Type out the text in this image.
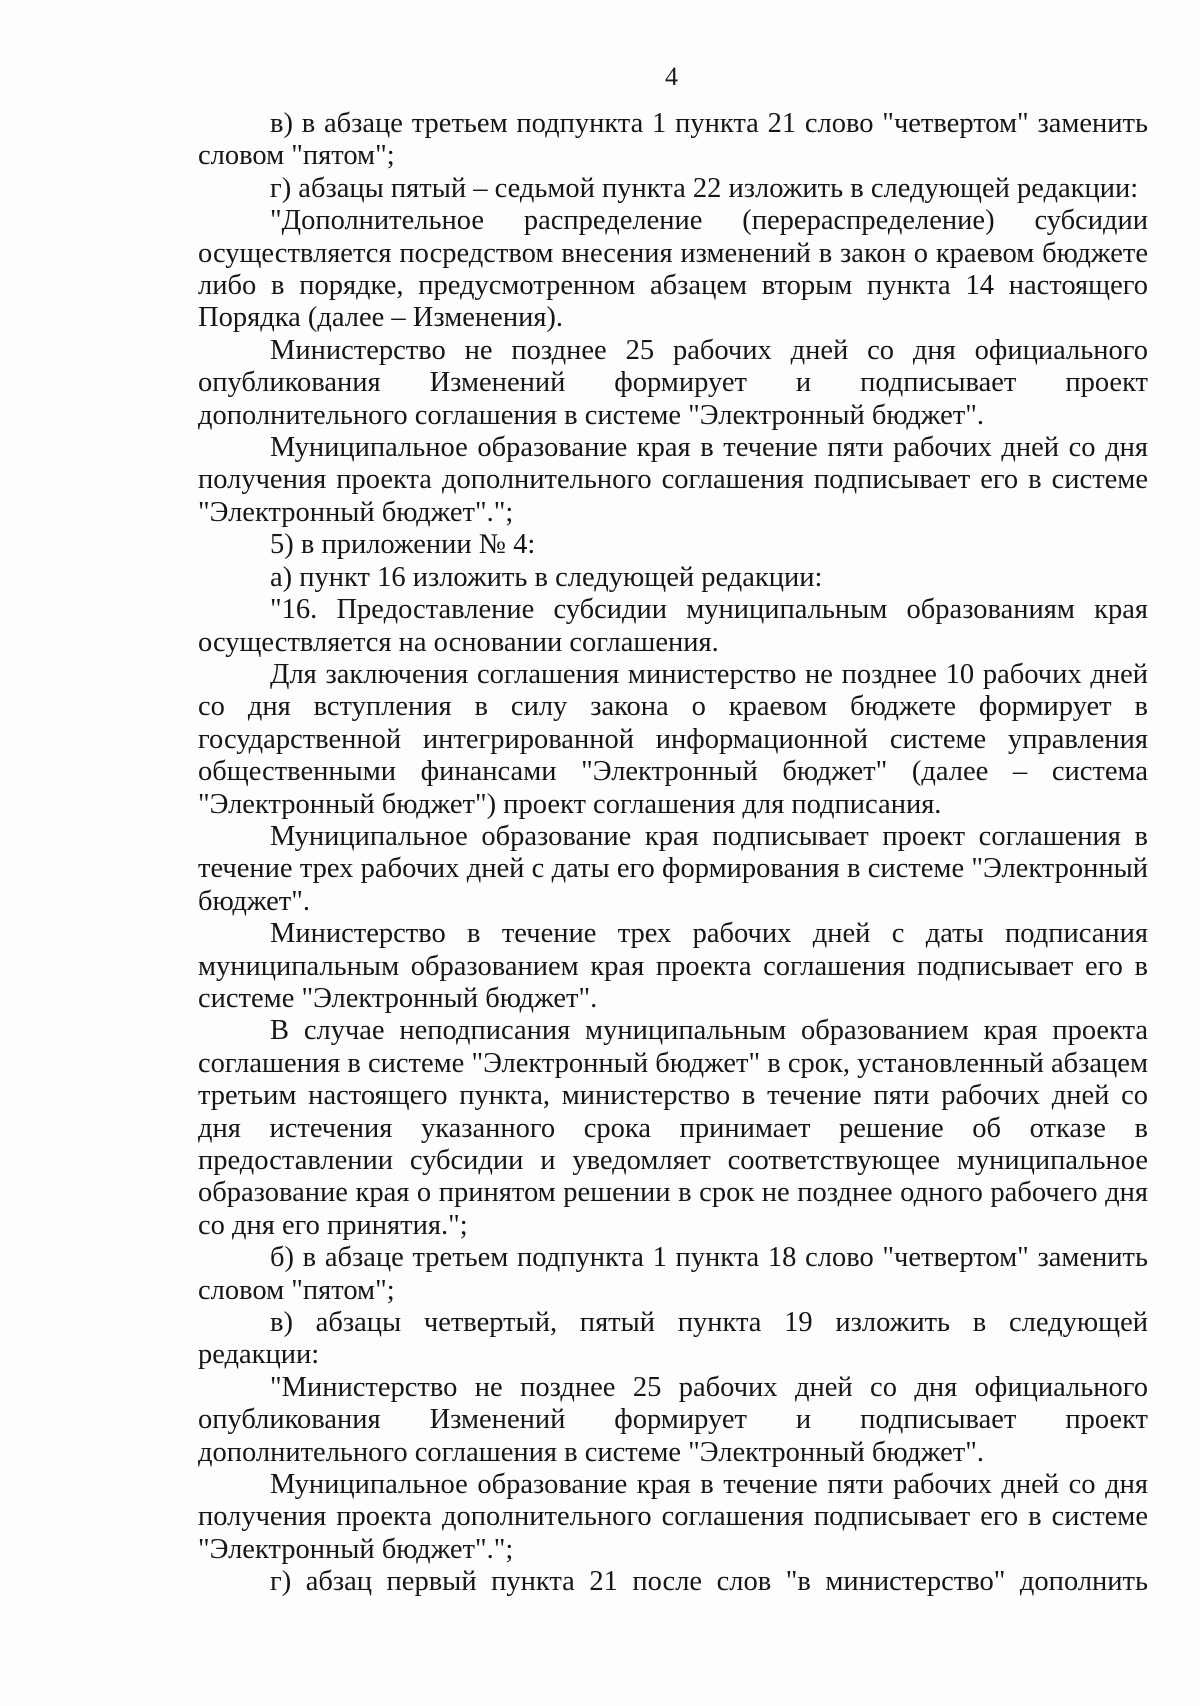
4

в) в абзаце третьем подпункта 1 пункта 21 слово "четвертом" заменить словом "пятом";

г) абзацы пятый – седьмой пункта 22 изложить в следующей редакции:

"Дополнительное распределение (перераспределение) субсидии осуществляется посредством внесения изменений в закон о краевом бюджете либо в порядке, предусмотренном абзацем вторым пункта 14 настоящего Порядка (далее – Изменения).

Министерство не позднее 25 рабочих дней со дня официального опубликования Изменений формирует и подписывает проект дополнительного соглашения в системе "Электронный бюджет".

Муниципальное образование края в течение пяти рабочих дней со дня получения проекта дополнительного соглашения подписывает его в системе "Электронный бюджет".";

5) в приложении № 4:

а) пункт 16 изложить в следующей редакции:

"16. Предоставление субсидии муниципальным образованиям края осуществляется на основании соглашения.

Для заключения соглашения министерство не позднее 10 рабочих дней со дня вступления в силу закона о краевом бюджете формирует в государственной интегрированной информационной системе управления общественными финансами "Электронный бюджет" (далее – система "Электронный бюджет") проект соглашения для подписания.

Муниципальное образование края подписывает проект соглашения в течение трех рабочих дней с даты его формирования в системе "Электронный бюджет".

Министерство в течение трех рабочих дней с даты подписания муниципальным образованием края проекта соглашения подписывает его в системе "Электронный бюджет".

В случае неподписания муниципальным образованием края проекта соглашения в системе "Электронный бюджет" в срок, установленный абзацем третьим настоящего пункта, министерство в течение пяти рабочих дней со дня истечения указанного срока принимает решение об отказе в предоставлении субсидии и уведомляет соответствующее муниципальное образование края о принятом решении в срок не позднее одного рабочего дня со дня его принятия.";

б) в абзаце третьем подпункта 1 пункта 18 слово "четвертом" заменить словом "пятом";

в) абзацы четвертый, пятый пункта 19 изложить в следующей редакции:

"Министерство не позднее 25 рабочих дней со дня официального опубликования Изменений формирует и подписывает проект дополнительного соглашения в системе "Электронный бюджет".

Муниципальное образование края в течение пяти рабочих дней со дня получения проекта дополнительного соглашения подписывает его в системе "Электронный бюджет".";

г) абзац первый пункта 21 после слов "в министерство" дополнить
